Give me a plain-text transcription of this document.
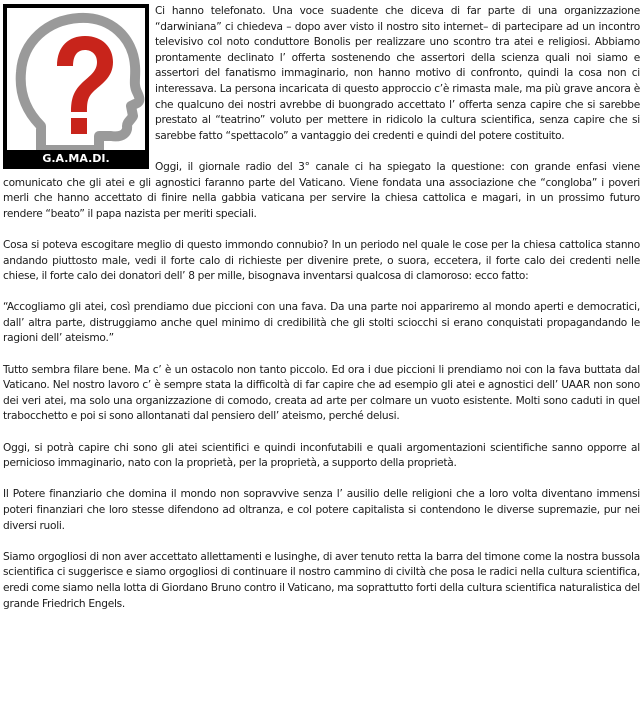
G.A.MA.DI.

Ci hanno telefonato. Una voce suadente che diceva di far parte di una organizzazione “darwiniana” ci chiedeva – dopo aver visto il nostro sito internet– di partecipare ad un incontro televisivo col noto conduttore Bonolis per realizzare uno scontro tra atei e religiosi. Abbiamo prontamente declinato l’ offerta sostenendo che assertori della scienza quali noi siamo e assertori del fanatismo immaginario, non hanno motivo di confronto, quindi la cosa non ci interessava. La persona incaricata di questo approccio c’è rimasta male, ma più grave ancora è che qualcuno dei nostri avrebbe di buongrado accettato l’ offerta senza capire che si sarebbe prestato al “teatrino” voluto per mettere in ridicolo la cultura scientifica, senza capire che si sarebbe fatto “spettacolo” a vantaggio dei credenti e quindi del potere costituito.

Oggi, il giornale radio del 3° canale ci ha spiegato la questione: con grande enfasi viene comunicato che gli atei e gli agnostici faranno parte del Vaticano. Viene fondata una associazione che “congloba” i poveri merli che hanno accettato di finire nella gabbia vaticana per servire la chiesa cattolica e magari, in un prossimo futuro rendere “beato” il papa nazista per meriti speciali.

Cosa si poteva escogitare meglio di questo immondo connubio? In un periodo nel quale le cose per la chiesa cattolica stanno andando piuttosto male, vedi il forte calo di richieste per divenire prete, o suora, eccetera, il forte calo dei credenti nelle chiese, il forte calo dei donatori dell’ 8 per mille, bisognava inventarsi qualcosa di clamoroso: ecco fatto:

“Accogliamo gli atei, così prendiamo due piccioni con una fava. Da una parte noi appariremo al mondo aperti e democratici, dall’ altra parte, distruggiamo anche quel minimo di credibilità che gli stolti sciocchi si erano conquistati propagandando le ragioni dell’ ateismo.”

Tutto sembra filare bene. Ma c’ è un ostacolo non tanto piccolo. Ed ora i due piccioni li prendiamo noi con la fava buttata dal Vaticano. Nel nostro lavoro c’ è sempre stata la difficoltà di far capire che ad esempio gli atei e agnostici dell’ UAAR non sono dei veri atei, ma solo una organizzazione di comodo, creata ad arte per colmare un vuoto esistente. Molti sono caduti in quel trabocchetto e poi si sono allontanati dal pensiero dell’ ateismo, perché delusi.

Oggi, si potrà capire chi sono gli atei scientifici e quindi inconfutabili e quali argomentazioni scientifiche sanno opporre al pernicioso immaginario, nato con la proprietà, per la proprietà, a supporto della proprietà.

Il Potere finanziario che domina il mondo non sopravvive senza l’ ausilio delle religioni che a loro volta diventano immensi poteri finanziari che loro stesse difendono ad oltranza, e col potere capitalista si contendono le diverse supremazie, pur nei diversi ruoli.

Siamo orgogliosi di non aver accettato allettamenti e lusinghe, di aver tenuto retta la barra del timone come la nostra bussola scientifica ci suggerisce e siamo orgogliosi di continuare il nostro cammino di civiltà che posa le radici nella cultura scientifica, eredi come siamo nella lotta di Giordano Bruno contro il Vaticano, ma soprattutto forti della cultura scientifica naturalistica del grande Friedrich Engels.
